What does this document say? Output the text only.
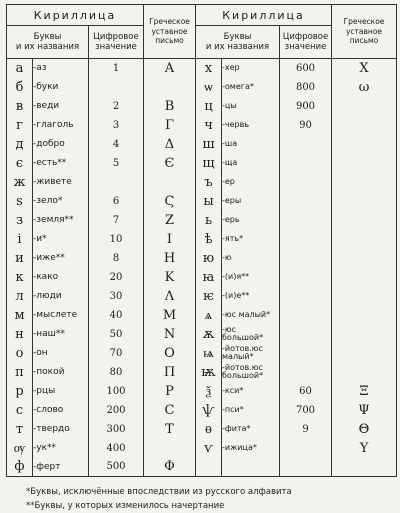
Кириллица			Греческое
уставное
письмо	Кириллица			Греческое
уставное
письмо
Буквы
и их названия		Цифровое
значение		Буквы
и их названия		Цифровое
значение	
а	-аз	1	Α	х	-хер	600	Χ
б	-буки			ѡ	-омега*	800	ω
в	-веди	2	Β	ц	-цы	900	
г	-глаголь	3	Γ	ч	-червь	90	
д	-добро	4	Δ	ш	-ша		
є	-есть**	5	Є	щ	-ща		
ж	-живете			ъ	-ер		
ѕ	-зело*	6	Ϛ	ы	-еры		
з	-земля**	7	Ζ	ь	-ерь		
і	-и*	10	Ι	ѣ	-ять*		
и	-иже**	8	Η	ю	-ю		
к	-како	20	Κ	ꙗ	-(и)я**		
л	-люди	30	Λ	ѥ	-(и)е**		
м	-мыслете	40	Μ	ѧ	-юс малый*		
н	-наш**	50	Ν	ѫ	-юс
большой*		
о	-он	70	Ο	ѩ	-йотов.юс
малый*		
п	-покой	80	Π	ѭ	-йотов.юс
большой*		
р	-рцы	100	Ρ	ѯ	-кси*	60	Ξ
с	-слово	200	С	ѱ	-пси*	700	Ψ
т	-твердо	300	Τ	ѳ	-фита*	9	Θ
ѹ	-ук**	400		ѵ	-ижица*		Υ
ф	-ферт	500	Φ				
*Буквы, исключённые впоследствии из русского алфавита
**Буквы, у которых изменилось начертание
